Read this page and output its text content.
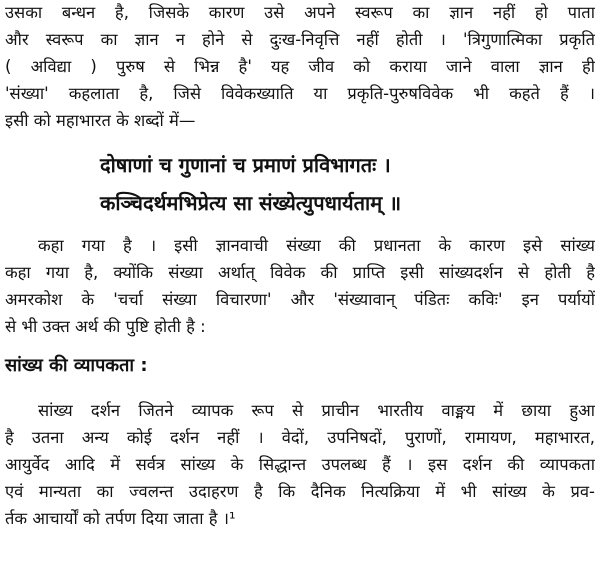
उसका बन्धन है, जिसके कारण उसे अपने स्वरूप का ज्ञान नहीं हो पाता
और स्वरूप का ज्ञान न होने से दुःख-निवृत्ति नहीं होती । 'त्रिगुणात्मिका प्रकृति
( अविद्या ) पुरुष से भिन्न है' यह जीव को कराया जाने वाला ज्ञान ही
'संख्या' कहलाता है, जिसे विवेकख्याति या प्रकृति-पुरुषविवेक भी कहते हैं ।
इसी को महाभारत के शब्दों में—
दोषाणां च गुणानां च प्रमाणं प्रविभागतः ।
कञ्चिदर्थमभिप्रेत्य सा संख्येत्युपधार्यताम् ॥
कहा गया है । इसी ज्ञानवाची संख्या की प्रधानता के कारण इसे सांख्य
कहा गया है, क्योंकि संख्या अर्थात् विवेक की प्राप्ति इसी सांख्यदर्शन से होती है
अमरकोश के 'चर्चा संख्या विचारणा' और 'संख्यावान् पंडितः कविः' इन पर्यायों
से भी उक्त अर्थ की पुष्टि होती है :
सांख्य की व्यापकता :
सांख्य दर्शन जितने व्यापक रूप से प्राचीन भारतीय वाङ्मय में छाया हुआ
है उतना अन्य कोई दर्शन नहीं । वेदों, उपनिषदों, पुराणों, रामायण, महाभारत,
आयुर्वेद आदि में सर्वत्र सांख्य के सिद्धान्त उपलब्ध हैं । इस दर्शन की व्यापकता
एवं मान्यता का ज्वलन्त उदाहरण है कि दैनिक नित्यक्रिया में भी सांख्य के प्रव-
र्तक आचार्यों को तर्पण दिया जाता है ।¹
